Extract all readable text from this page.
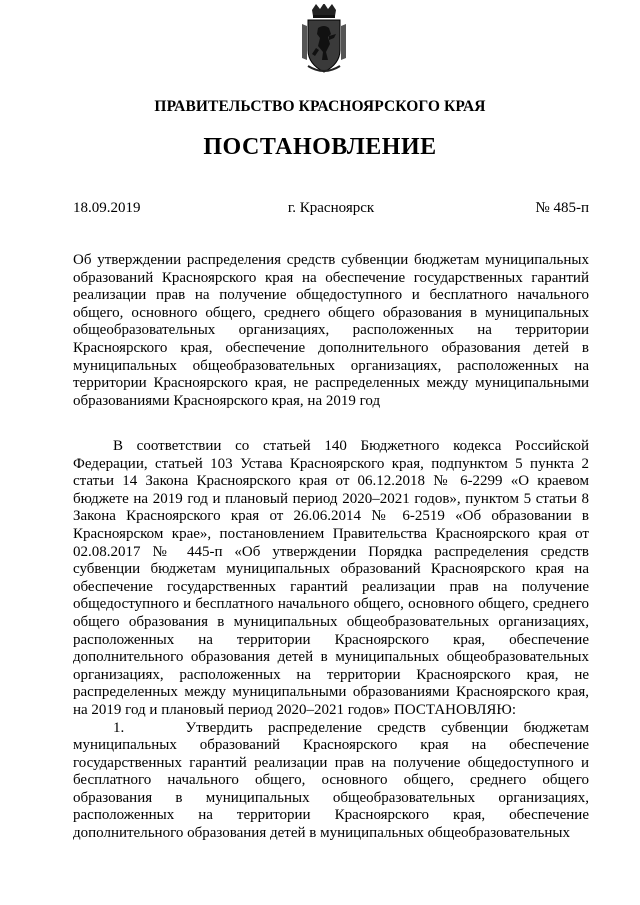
ПРАВИТЕЛЬСТВО КРАСНОЯРСКОГО КРАЯ
ПОСТАНОВЛЕНИЕ
18.09.2019	г. Красноярск	№ 485-п

Об утверждении распределения средств субвенции бюджетам муниципальных образований Красноярского края на обеспечение государственных гарантий реализации прав на получение общедоступного и бесплатного начального общего, основного общего, среднего общего образования в муниципальных общеобразовательных организациях, расположенных на территории Красноярского края, обеспечение дополнительного образования детей в муниципальных общеобразовательных организациях, расположенных на территории Красноярского края, не распределенных между муниципальными образованиями Красноярского края, на 2019 год

В соответствии со статьей 140 Бюджетного кодекса Российской Федерации, статьей 103 Устава Красноярского края, подпунктом 5 пункта 2 статьи 14 Закона Красноярского края от 06.12.2018 № 6-2299 «О краевом бюджете на 2019 год и плановый период 2020–2021 годов», пунктом 5 статьи 8 Закона Красноярского края от 26.06.2014 № 6-2519 «Об образовании в Красноярском крае», постановлением Правительства Красноярского края от 02.08.2017 № 445-п «Об утверждении Порядка распределения средств субвенции бюджетам муниципальных образований Красноярского края на обеспечение государственных гарантий реализации прав на получение общедоступного и бесплатного начального общего, основного общего, среднего общего образования в муниципальных общеобразовательных организациях, расположенных на территории Красноярского края, обеспечение дополнительного образования детей в муниципальных общеобразовательных организациях, расположенных на территории Красноярского края, не распределенных между муниципальными образованиями Красноярского края, на 2019 год и плановый период 2020–2021 годов» ПОСТАНОВЛЯЮ:

1.    Утвердить распределение средств субвенции бюджетам муниципальных образований Красноярского края на обеспечение государственных гарантий реализации прав на получение общедоступного и бесплатного начального общего, основного общего, среднего общего образования в муниципальных общеобразовательных организациях, расположенных на территории Красноярского края, обеспечение дополнительного образования детей в муниципальных общеобразовательных
